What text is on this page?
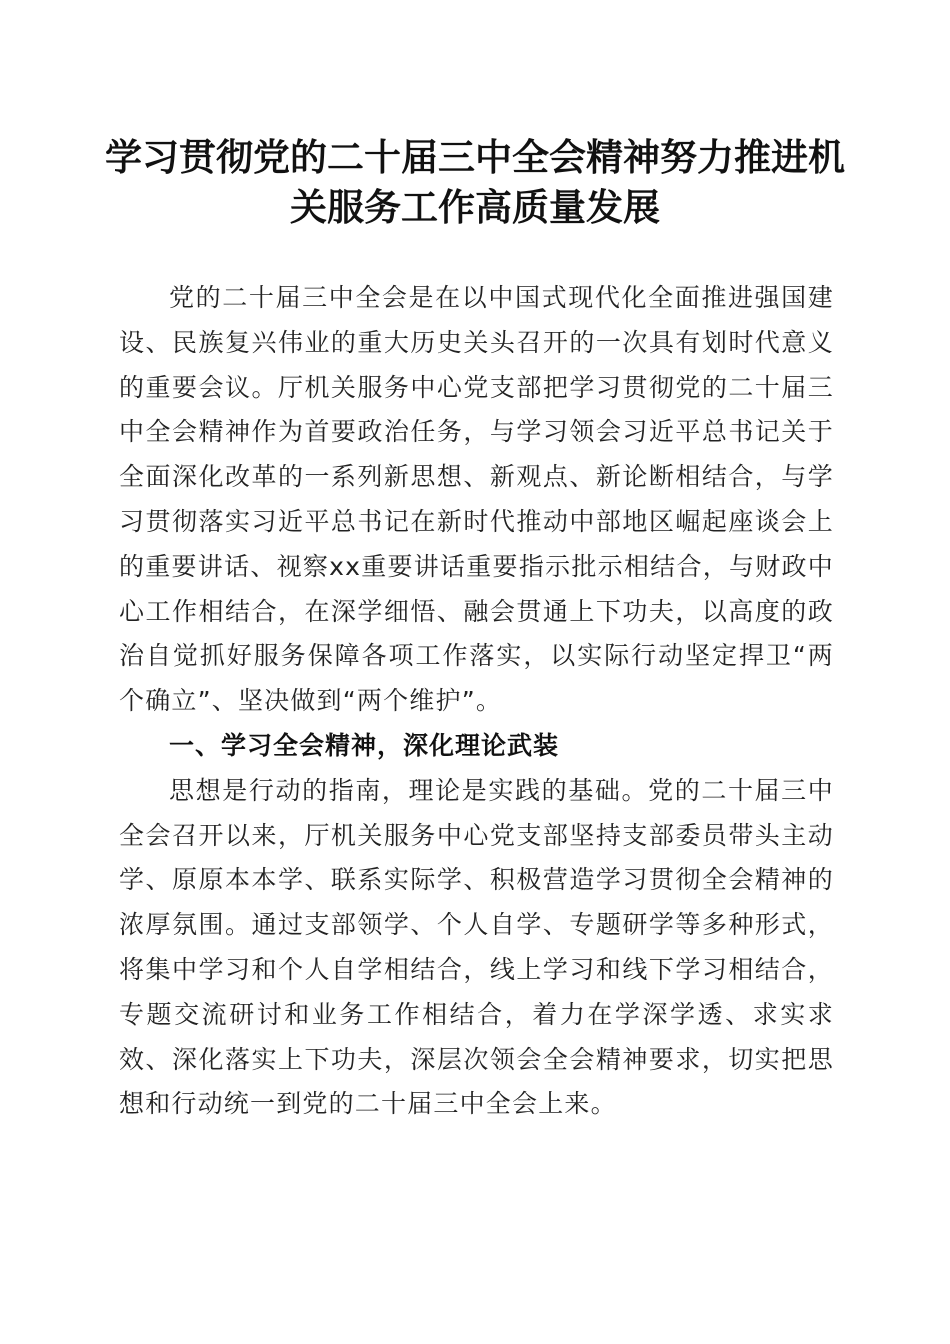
学习贯彻党的二十届三中全会精神努力推进机
关服务工作高质量发展

党的二十届三中全会是在以中国式现代化全面推进强国建设、民族复兴伟业的重大历史关头召开的一次具有划时代意义的重要会议。厅机关服务中心党支部把学习贯彻党的二十届三中全会精神作为首要政治任务，与学习领会习近平总书记关于全面深化改革的一系列新思想、新观点、新论断相结合，与学习贯彻落实习近平总书记在新时代推动中部地区崛起座谈会上的重要讲话、视察xx重要讲话重要指示批示相结合，与财政中心工作相结合，在深学细悟、融会贯通上下功夫，以高度的政治自觉抓好服务保障各项工作落实，以实际行动坚定捍卫“两个确立”、坚决做到“两个维护”。

一、学习全会精神，深化理论武装

思想是行动的指南，理论是实践的基础。党的二十届三中全会召开以来，厅机关服务中心党支部坚持支部委员带头主动学、原原本本学、联系实际学、积极营造学习贯彻全会精神的浓厚氛围。通过支部领学、个人自学、专题研学等多种形式，将集中学习和个人自学相结合，线上学习和线下学习相结合，专题交流研讨和业务工作相结合，着力在学深学透、求实求效、深化落实上下功夫，深层次领会全会精神要求，切实把思想和行动统一到党的二十届三中全会上来。
